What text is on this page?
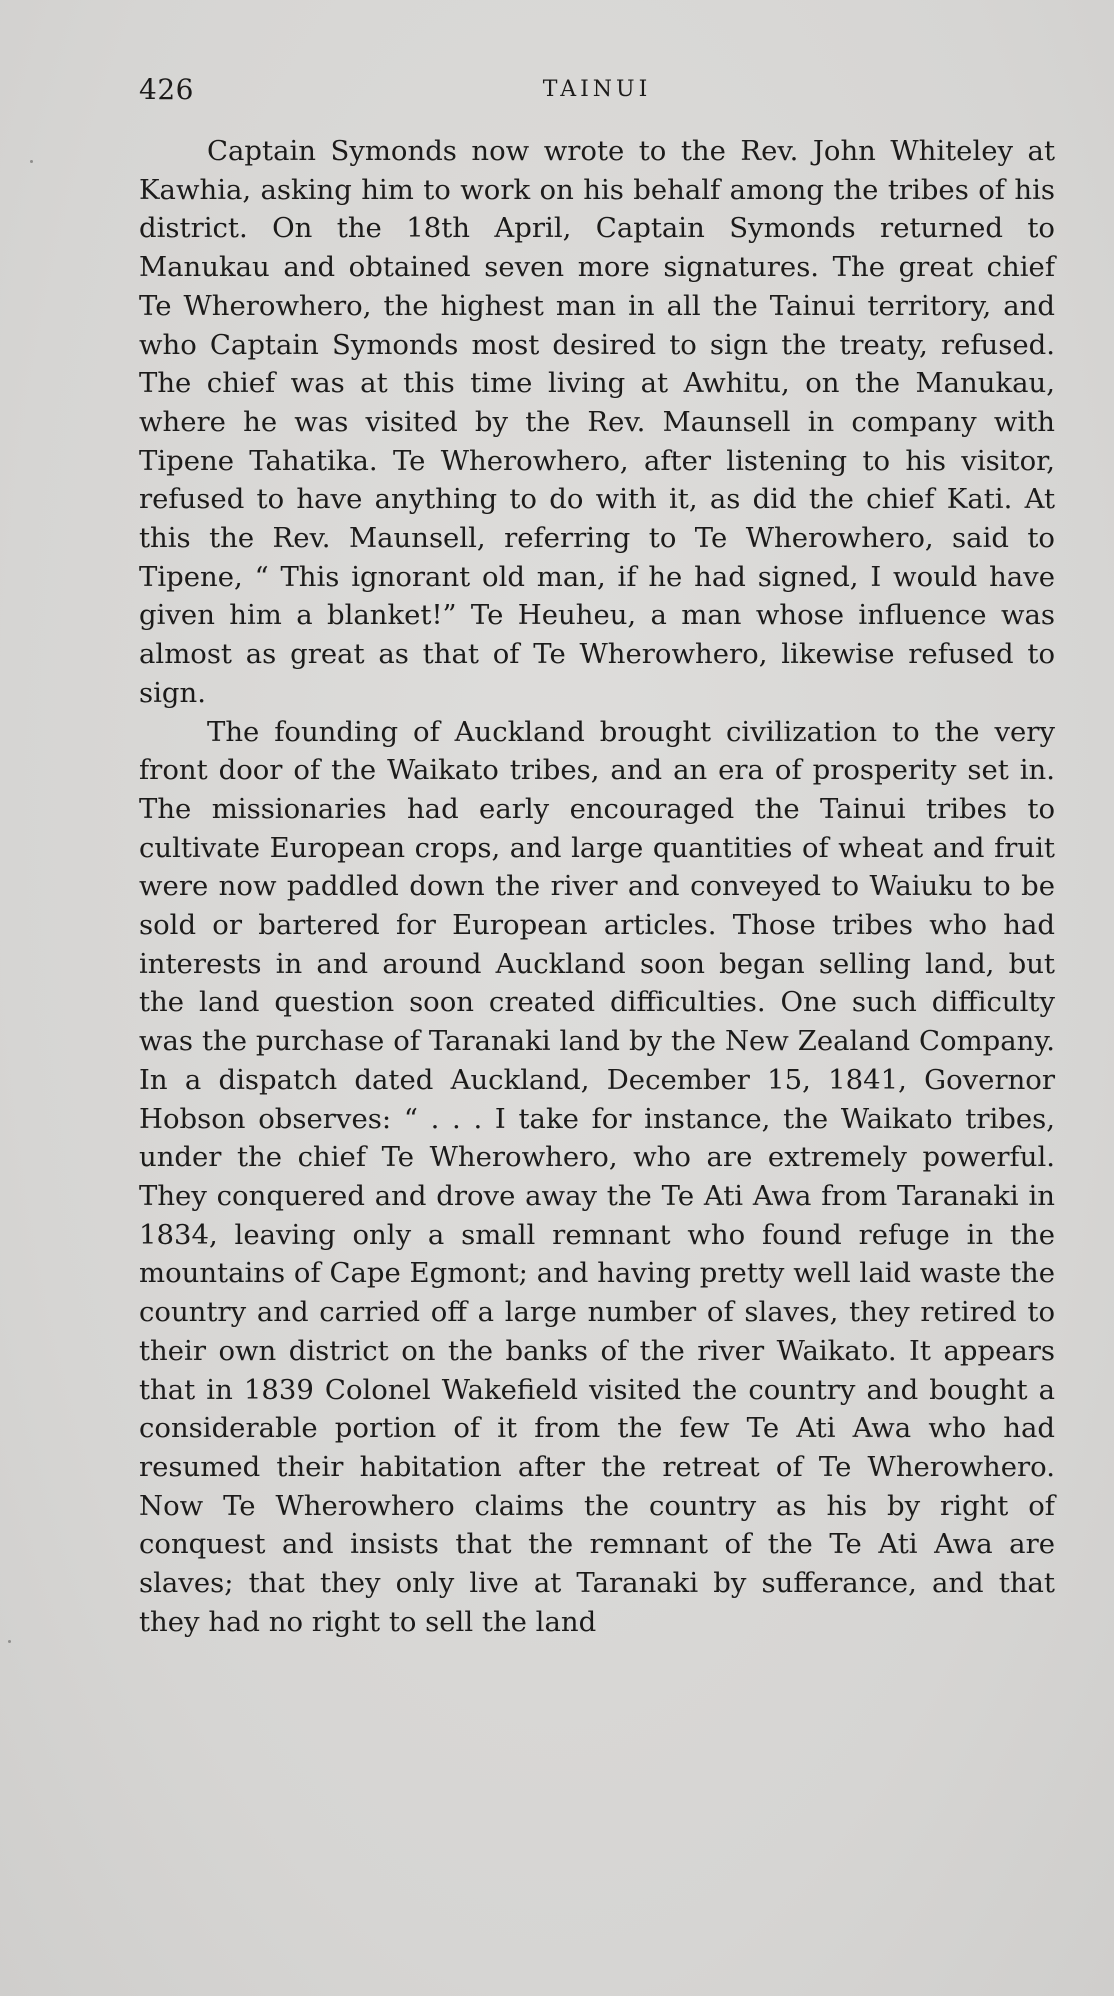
426	TAINUI

Captain Symonds now wrote to the Rev. John Whiteley at Kawhia, asking him to work on his behalf among the tribes of his district. On the 18th April, Captain Symonds returned to Manukau and obtained seven more signatures. The great chief Te Wherowhero, the highest man in all the Tainui territory, and who Captain Symonds most desired to sign the treaty, refused. The chief was at this time living at Awhitu, on the Manukau, where he was visited by the Rev. Maunsell in company with Tipene Tahatika. Te Wherowhero, after listening to his visitor, refused to have anything to do with it, as did the chief Kati. At this the Rev. Maunsell, referring to Te Wherowhero, said to Tipene, “ This ignorant old man, if he had signed, I would have given him a blanket!” Te Heuheu, a man whose influence was almost as great as that of Te Wherowhero, likewise refused to sign.

The founding of Auckland brought civilization to the very front door of the Waikato tribes, and an era of prosperity set in. The missionaries had early encouraged the Tainui tribes to cultivate European crops, and large quantities of wheat and fruit were now paddled down the river and conveyed to Waiuku to be sold or bartered for European articles. Those tribes who had interests in and around Auckland soon began selling land, but the land question soon created difficulties. One such difficulty was the purchase of Taranaki land by the New Zealand Company. In a dispatch dated Auckland, December 15, 1841, Governor Hobson observes: “ . . . I take for instance, the Waikato tribes, under the chief Te Wherowhero, who are extremely powerful. They conquered and drove away the Te Ati Awa from Taranaki in 1834, leaving only a small remnant who found refuge in the mountains of Cape Egmont; and having pretty well laid waste the country and carried off a large number of slaves, they retired to their own district on the banks of the river Waikato. It appears that in 1839 Colonel Wakefield visited the country and bought a considerable portion of it from the few Te Ati Awa who had resumed their habitation after the retreat of Te Wherowhero. Now Te Wherowhero claims the country as his by right of conquest and insists that the remnant of the Te Ati Awa are slaves; that they only live at Taranaki by sufferance, and that they had no right to sell the land
